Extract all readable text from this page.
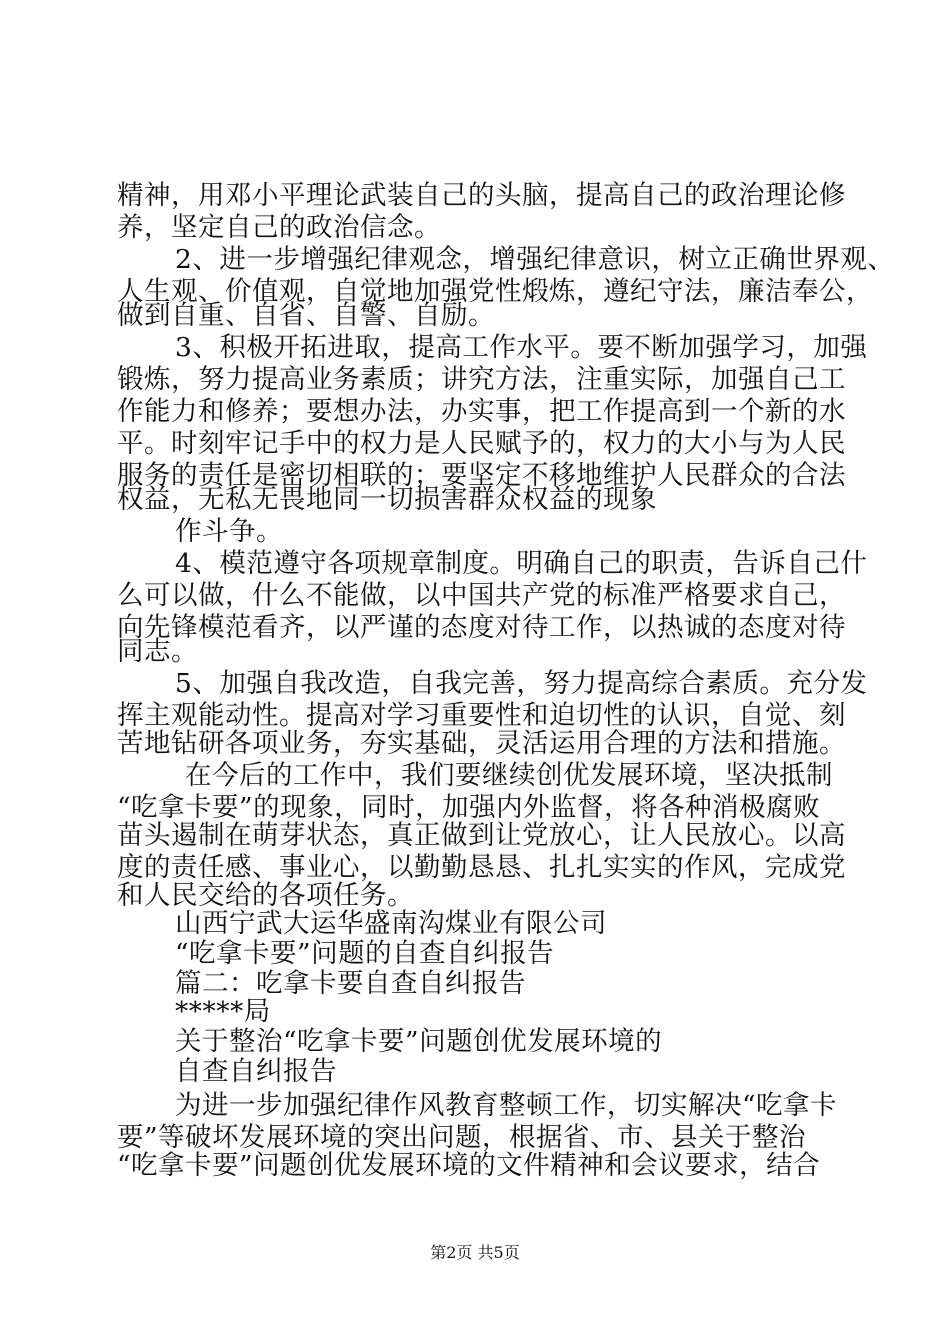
精神，用邓小平理论武装自己的头脑，提高自己的政治理论修
养，坚定自己的政治信念。
2、进一步增强纪律观念，增强纪律意识，树立正确世界观、
人生观、价值观，自觉地加强党性煅炼，遵纪守法，廉洁奉公，
做到自重、自省、自警、自励。
3、积极开拓进取，提高工作水平。要不断加强学习，加强
锻炼，努力提高业务素质；讲究方法，注重实际，加强自己工
作能力和修养；要想办法，办实事，把工作提高到一个新的水
平。时刻牢记手中的权力是人民赋予的，权力的大小与为人民
服务的责任是密切相联的；要坚定不移地维护人民群众的合法
权益，无私无畏地同一切损害群众权益的现象
作斗争。
4、模范遵守各项规章制度。明确自己的职责，告诉自己什
么可以做，什么不能做，以中国共产党的标准严格要求自己，
向先锋模范看齐，以严谨的态度对待工作，以热诚的态度对待
同志。
5、加强自我改造，自我完善，努力提高综合素质。充分发
挥主观能动性。提高对学习重要性和迫切性的认识，自觉、刻
苦地钻研各项业务，夯实基础，灵活运用合理的方法和措施。
在今后的工作中，我们要继续创优发展环境，坚决抵制
“吃拿卡要”的现象，同时，加强内外监督，将各种消极腐败
苗头遏制在萌芽状态，真正做到让党放心，让人民放心。以高
度的责任感、事业心，以勤勤恳恳、扎扎实实的作风，完成党
和人民交给的各项任务。
山西宁武大运华盛南沟煤业有限公司
“吃拿卡要”问题的自查自纠报告
篇二：吃拿卡要自查自纠报告
*****局
关于整治“吃拿卡要”问题创优发展环境的
自查自纠报告
为进一步加强纪律作风教育整顿工作，切实解决“吃拿卡
要”等破坏发展环境的突出问题，根据省、市、县关于整治
“吃拿卡要”问题创优发展环境的文件精神和会议要求，结合
第2页 共5页
